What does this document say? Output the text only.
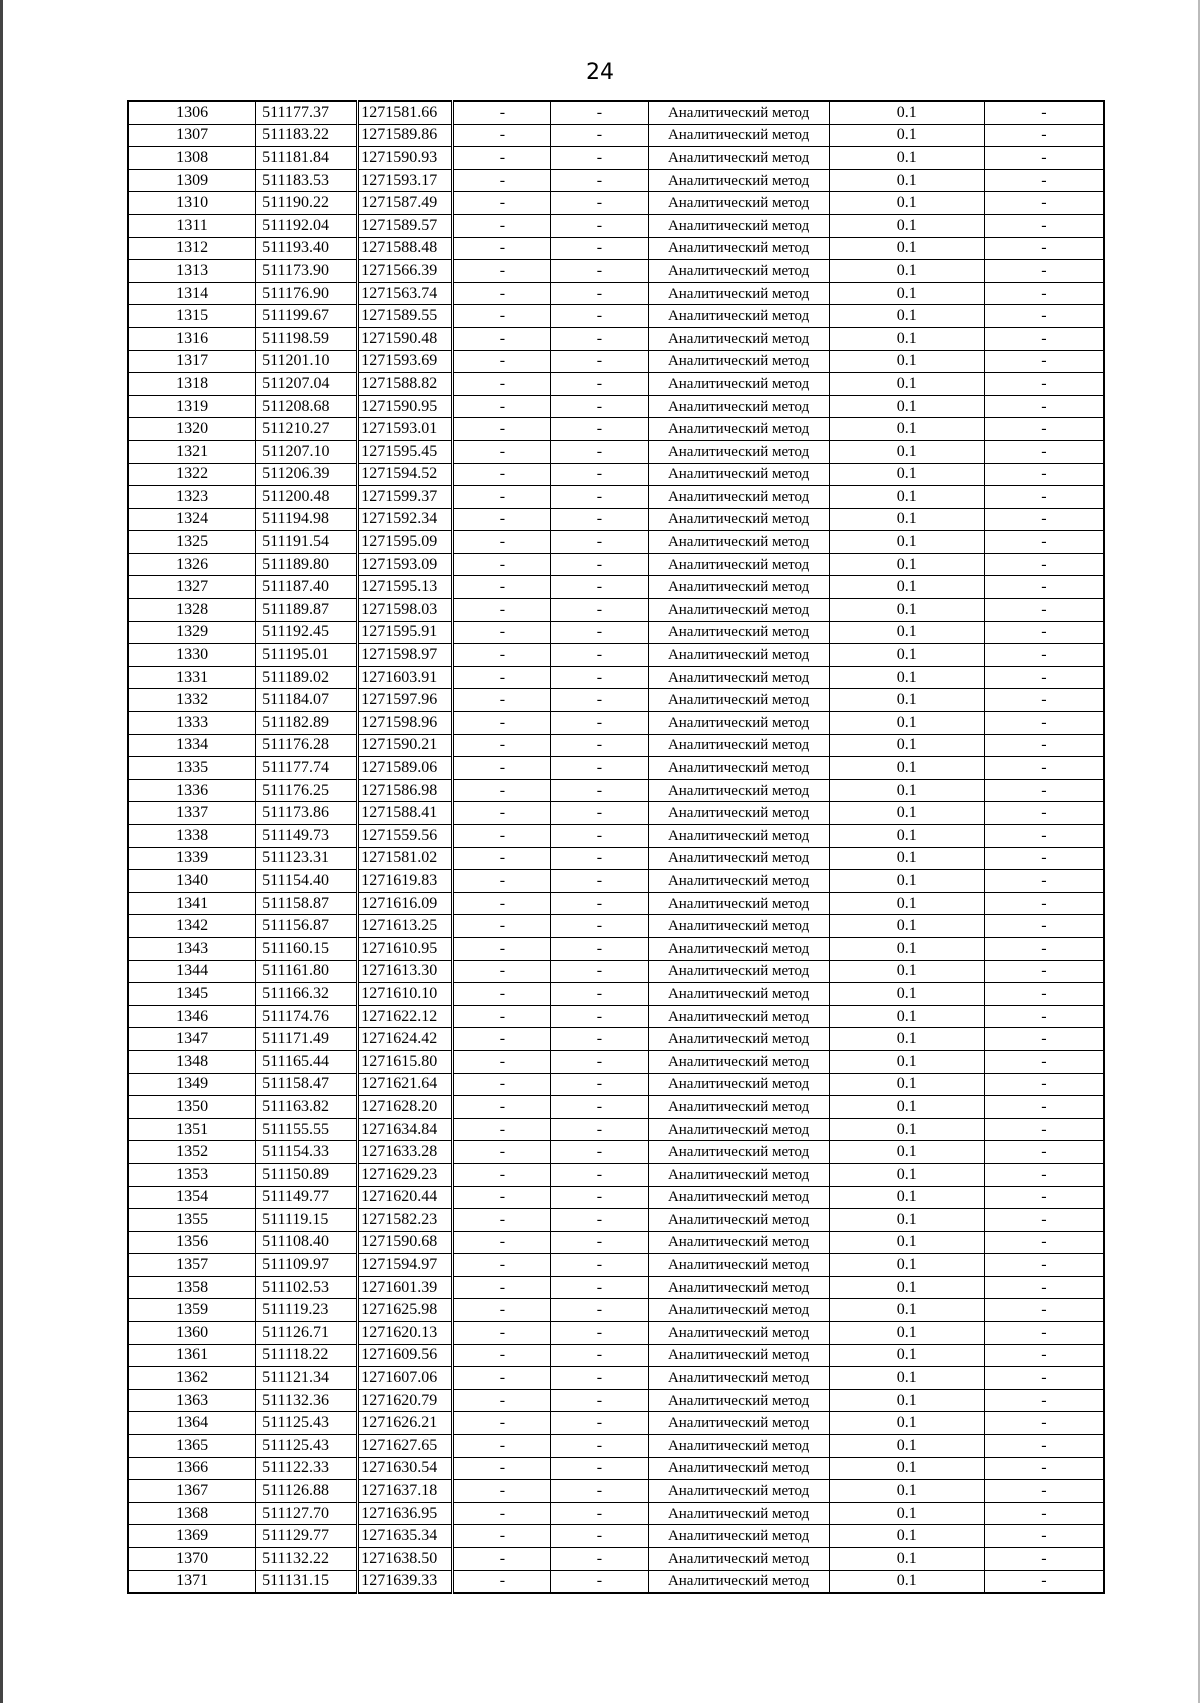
24
1306	511177.37	1271581.66	-	-	Аналитический метод	0.1	-
1307	511183.22	1271589.86	-	-	Аналитический метод	0.1	-
1308	511181.84	1271590.93	-	-	Аналитический метод	0.1	-
1309	511183.53	1271593.17	-	-	Аналитический метод	0.1	-
1310	511190.22	1271587.49	-	-	Аналитический метод	0.1	-
1311	511192.04	1271589.57	-	-	Аналитический метод	0.1	-
1312	511193.40	1271588.48	-	-	Аналитический метод	0.1	-
1313	511173.90	1271566.39	-	-	Аналитический метод	0.1	-
1314	511176.90	1271563.74	-	-	Аналитический метод	0.1	-
1315	511199.67	1271589.55	-	-	Аналитический метод	0.1	-
1316	511198.59	1271590.48	-	-	Аналитический метод	0.1	-
1317	511201.10	1271593.69	-	-	Аналитический метод	0.1	-
1318	511207.04	1271588.82	-	-	Аналитический метод	0.1	-
1319	511208.68	1271590.95	-	-	Аналитический метод	0.1	-
1320	511210.27	1271593.01	-	-	Аналитический метод	0.1	-
1321	511207.10	1271595.45	-	-	Аналитический метод	0.1	-
1322	511206.39	1271594.52	-	-	Аналитический метод	0.1	-
1323	511200.48	1271599.37	-	-	Аналитический метод	0.1	-
1324	511194.98	1271592.34	-	-	Аналитический метод	0.1	-
1325	511191.54	1271595.09	-	-	Аналитический метод	0.1	-
1326	511189.80	1271593.09	-	-	Аналитический метод	0.1	-
1327	511187.40	1271595.13	-	-	Аналитический метод	0.1	-
1328	511189.87	1271598.03	-	-	Аналитический метод	0.1	-
1329	511192.45	1271595.91	-	-	Аналитический метод	0.1	-
1330	511195.01	1271598.97	-	-	Аналитический метод	0.1	-
1331	511189.02	1271603.91	-	-	Аналитический метод	0.1	-
1332	511184.07	1271597.96	-	-	Аналитический метод	0.1	-
1333	511182.89	1271598.96	-	-	Аналитический метод	0.1	-
1334	511176.28	1271590.21	-	-	Аналитический метод	0.1	-
1335	511177.74	1271589.06	-	-	Аналитический метод	0.1	-
1336	511176.25	1271586.98	-	-	Аналитический метод	0.1	-
1337	511173.86	1271588.41	-	-	Аналитический метод	0.1	-
1338	511149.73	1271559.56	-	-	Аналитический метод	0.1	-
1339	511123.31	1271581.02	-	-	Аналитический метод	0.1	-
1340	511154.40	1271619.83	-	-	Аналитический метод	0.1	-
1341	511158.87	1271616.09	-	-	Аналитический метод	0.1	-
1342	511156.87	1271613.25	-	-	Аналитический метод	0.1	-
1343	511160.15	1271610.95	-	-	Аналитический метод	0.1	-
1344	511161.80	1271613.30	-	-	Аналитический метод	0.1	-
1345	511166.32	1271610.10	-	-	Аналитический метод	0.1	-
1346	511174.76	1271622.12	-	-	Аналитический метод	0.1	-
1347	511171.49	1271624.42	-	-	Аналитический метод	0.1	-
1348	511165.44	1271615.80	-	-	Аналитический метод	0.1	-
1349	511158.47	1271621.64	-	-	Аналитический метод	0.1	-
1350	511163.82	1271628.20	-	-	Аналитический метод	0.1	-
1351	511155.55	1271634.84	-	-	Аналитический метод	0.1	-
1352	511154.33	1271633.28	-	-	Аналитический метод	0.1	-
1353	511150.89	1271629.23	-	-	Аналитический метод	0.1	-
1354	511149.77	1271620.44	-	-	Аналитический метод	0.1	-
1355	511119.15	1271582.23	-	-	Аналитический метод	0.1	-
1356	511108.40	1271590.68	-	-	Аналитический метод	0.1	-
1357	511109.97	1271594.97	-	-	Аналитический метод	0.1	-
1358	511102.53	1271601.39	-	-	Аналитический метод	0.1	-
1359	511119.23	1271625.98	-	-	Аналитический метод	0.1	-
1360	511126.71	1271620.13	-	-	Аналитический метод	0.1	-
1361	511118.22	1271609.56	-	-	Аналитический метод	0.1	-
1362	511121.34	1271607.06	-	-	Аналитический метод	0.1	-
1363	511132.36	1271620.79	-	-	Аналитический метод	0.1	-
1364	511125.43	1271626.21	-	-	Аналитический метод	0.1	-
1365	511125.43	1271627.65	-	-	Аналитический метод	0.1	-
1366	511122.33	1271630.54	-	-	Аналитический метод	0.1	-
1367	511126.88	1271637.18	-	-	Аналитический метод	0.1	-
1368	511127.70	1271636.95	-	-	Аналитический метод	0.1	-
1369	511129.77	1271635.34	-	-	Аналитический метод	0.1	-
1370	511132.22	1271638.50	-	-	Аналитический метод	0.1	-
1371	511131.15	1271639.33	-	-	Аналитический метод	0.1	-
